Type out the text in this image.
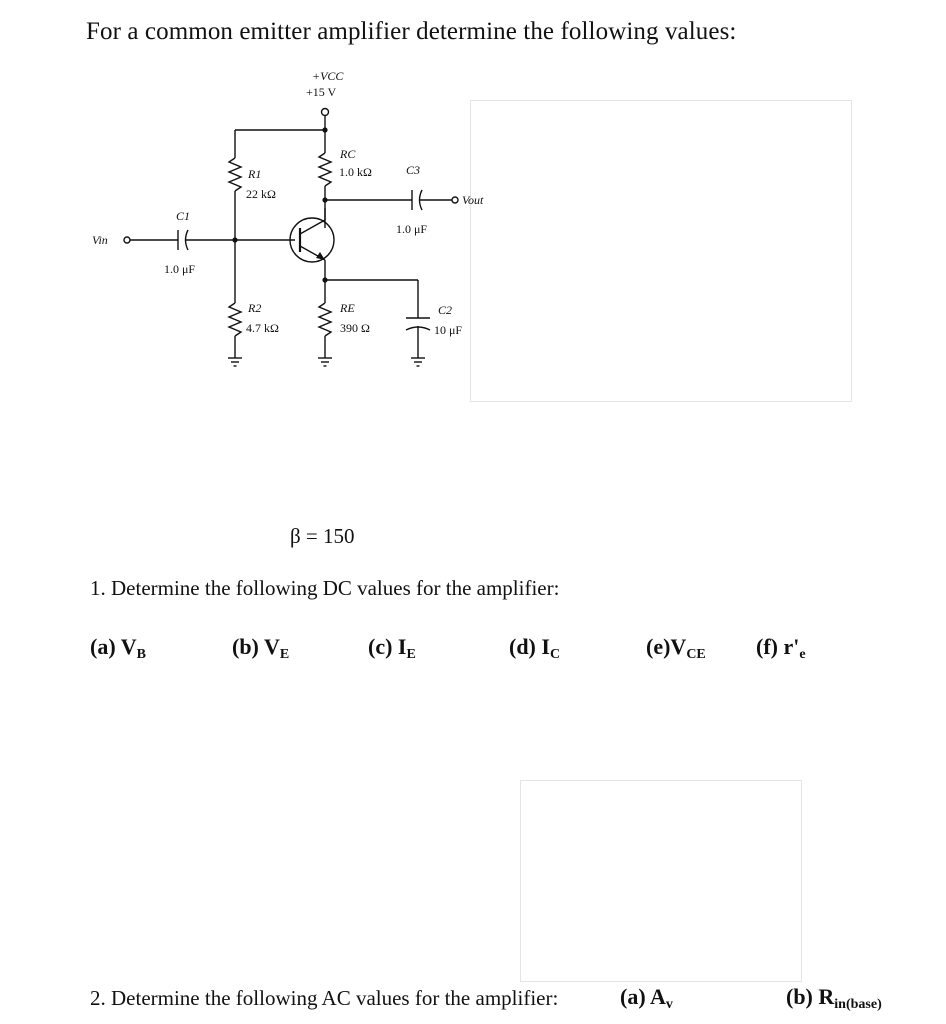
For a common emitter amplifier determine the following values:
+VCC
+15 V
R1
22 kΩ
RC
1.0 kΩ	C3
1.0 μF
Vout
Vin
C1
1.0 μF
R2
4.7 kΩ
RE
390 Ω
C2
10 μF
β = 150
1. Determine the following DC values for the amplifier:
(a) $V_B$	(b) $V_E$	(c) $I_E$	(d) $I_C$	$(e)V_{CE}$ (f) $r'_e$
2. Determine the following AC values for the amplifier:	(a) $A_v$	(b) $R_{in(base)}$
